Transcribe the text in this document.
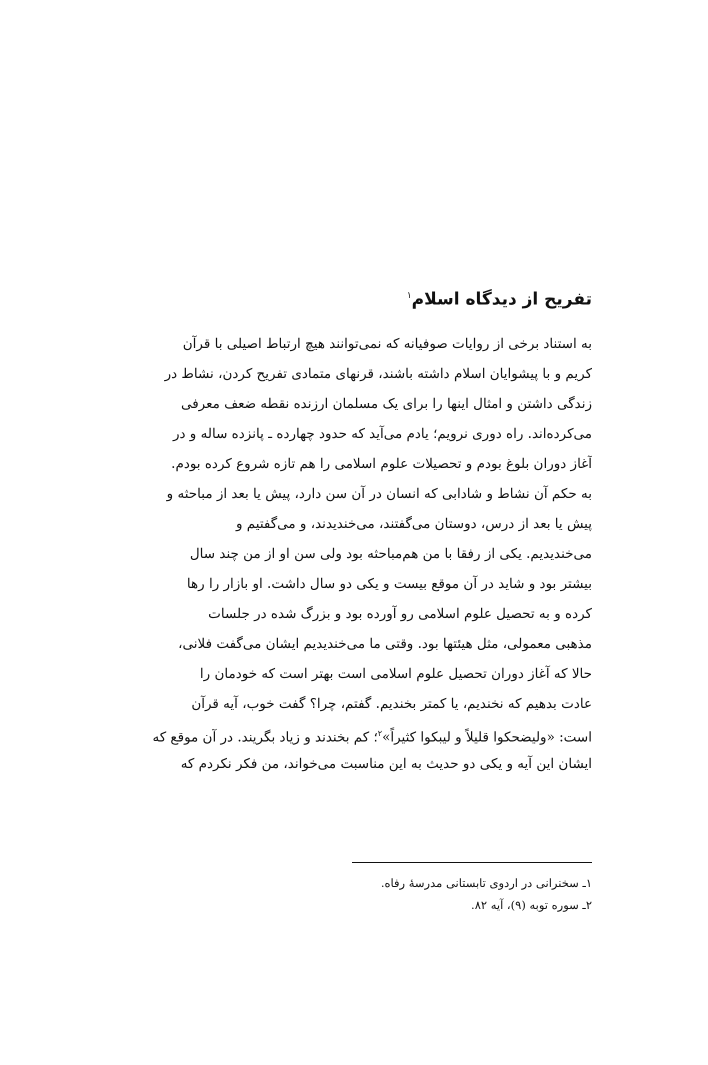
تفریح از دیدگاه اسلام$^۱$
به استناد برخی از روایات صوفیانه که نمی‌توانند هیچ ارتباط اصیلی با قرآن
کریم و با پیشوایان اسلام داشته باشند، قرنهای متمادی تفریح کردن، نشاط در
زندگی داشتن و امثال اینها را برای یک مسلمان ارزنده نقطه ضعف معرفی
می‌کرده‌اند. راه دوری نرویم؛ یادم می‌آید که حدود چهارده ـ پانزده ساله و در
آغاز دوران بلوغ بودم و تحصیلات علوم اسلامی را هم تازه شروع کرده بودم.
به حکم آن نشاط و شادابی که انسان در آن سن دارد، پیش یا بعد از مباحثه و
پیش یا بعد از درس، دوستان می‌گفتند، می‌خندیدند، و می‌گفتیم و
می‌خندیدیم. یکی از رفقا با من هم‌مباحثه بود ولی سن او از من چند سال
بیشتر بود و شاید در آن موقع بیست و یکی دو سال داشت. او بازار را رها
کرده و به تحصیل علوم اسلامی رو آورده بود و بزرگ شده در جلسات
مذهبی معمولی، مثل هیئتها بود. وقتی ما می‌خندیدیم ایشان می‌گفت فلانی،
حالا که آغاز دوران تحصیل علوم اسلامی است بهتر است که خودمان را
عادت بدهیم که نخندیم، یا کمتر بخندیم. گفتم، چرا؟ گفت خوب، آیه قرآن
است: «ولیضحکوا قلیلاً و لیبکوا کثیراً»$^۲$؛ کم بخندند و زیاد بگریند. در آن موقع که
ایشان این آیه و یکی دو حدیث به این مناسبت می‌خواند، من فکر نکردم که
۱ـ سخنرانی در اردوی تابستانی مدرسهٔ رفاه.
۲ـ سوره توبه (۹)، آیه ۸۲.
